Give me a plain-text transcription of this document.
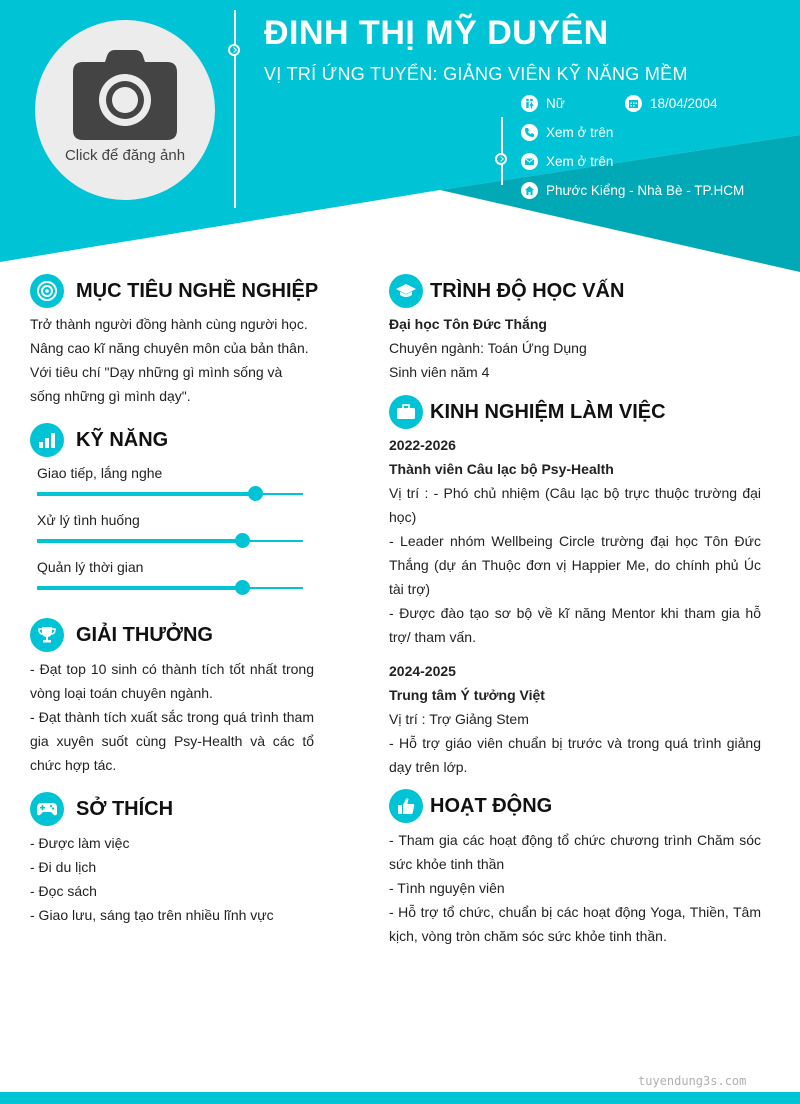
Click để đăng ảnh
ĐINH THỊ MỸ DUYÊN
VỊ TRÍ ỨNG TUYỂN: GIẢNG VIÊN KỸ NĂNG MỀM
Nữ	18/04/2004
Xem ở trên
Xem ở trên
Phước Kiểng - Nhà Bè - TP.HCM
MỤC TIÊU NGHỀ NGHIỆP
Trở thành người đồng hành cùng người học.
Nâng cao kĩ năng chuyên môn của bản thân.
Với tiêu chí "Dạy những gì mình sống và sống những gì mình dạy".
KỸ NĂNG
Giao tiếp, lắng nghe
Xử lý tình huống
Quản lý thời gian
GIẢI THƯỞNG
- Đạt top 10 sinh có thành tích tốt nhất trong vòng loại toán chuyên ngành.
- Đạt thành tích xuất sắc trong quá trình tham gia xuyên suốt cùng Psy-Health và các tổ chức hợp tác.
SỞ THÍCH
- Được làm việc
- Đi du lịch
- Đọc sách
- Giao lưu, sáng tạo trên nhiều lĩnh vực
TRÌNH ĐỘ HỌC VẤN
Đại học Tôn Đức Thắng
Chuyên ngành: Toán Ứng Dụng
Sinh viên năm 4
KINH NGHIỆM LÀM VIỆC
2022-2026
Thành viên Câu lạc bộ Psy-Health
Vị trí : - Phó chủ nhiệm (Câu lạc bộ trực thuộc trường đại học)
- Leader nhóm Wellbeing Circle trường đại học Tôn Đức Thắng (dự án Thuộc đơn vị Happier Me, do chính phủ Úc tài trợ)
- Được đào tạo sơ bộ về kĩ năng Mentor khi tham gia hỗ trợ/ tham vấn.
2024-2025
Trung tâm Ý tưởng Việt
Vị trí : Trợ Giảng Stem
- Hỗ trợ giáo viên chuẩn bị trước và trong quá trình giảng dạy trên lớp.
HOẠT ĐỘNG
- Tham gia các hoạt động tổ chức chương trình Chăm sóc sức khỏe tinh thần
- Tình nguyện viên
- Hỗ trợ tổ chức, chuẩn bị các hoạt động Yoga, Thiền, Tâm kịch, vòng tròn chăm sóc sức khỏe tinh thần.
tuyendung3s.com
